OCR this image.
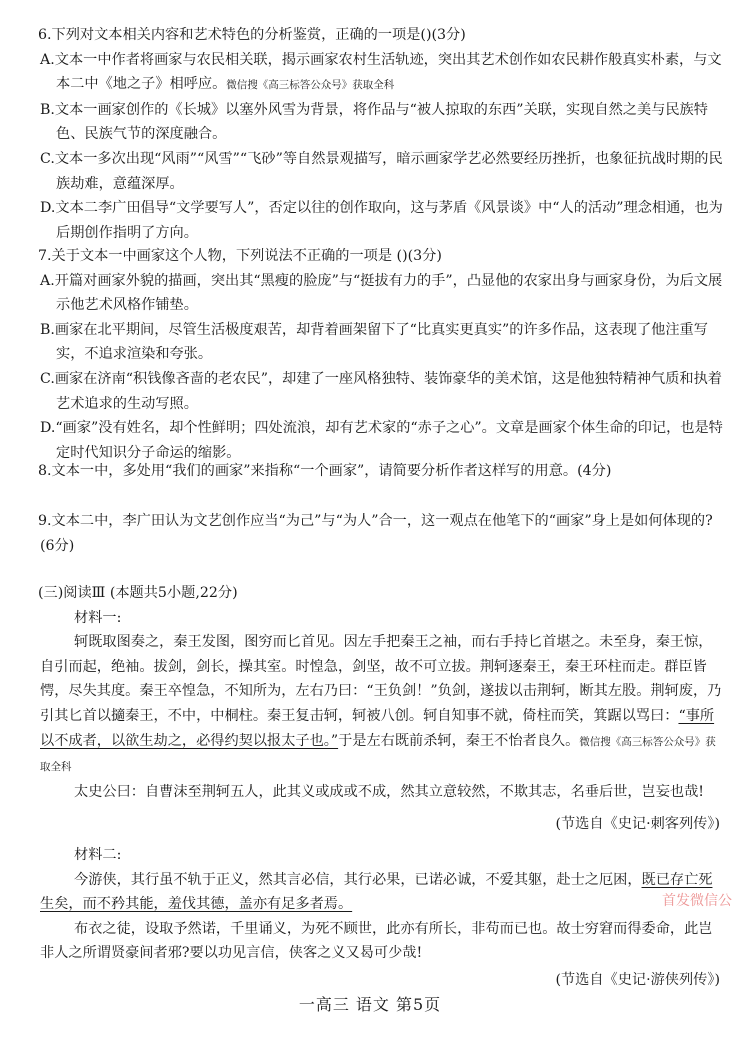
6.下列对文本相关内容和艺术特色的分析鉴赏，正确的一项是()(3分)

A.文本一中作者将画家与农民相关联，揭示画家农村生活轨迹，突出其艺术创作如农民耕作般真实朴素，与文本二中《地之子》相呼应。微信搜《高三标答公众号》获取全科

B.文本一画家创作的《长城》以塞外风雪为背景，将作品与“被人掠取的东西”关联，实现自然之美与民族特色、民族气节的深度融合。

C.文本一多次出现“风雨”“风雪”“飞砂”等自然景观描写，暗示画家学艺必然要经历挫折，也象征抗战时期的民族劫难，意蕴深厚。

D.文本二李广田倡导“文学要写人”，否定以往的创作取向，这与茅盾《风景谈》中“人的活动”理念相通，也为后期创作指明了方向。

7.关于文本一中画家这个人物，下列说法不正确的一项是 ()(3分)

A.开篇对画家外貌的描画，突出其“黑瘦的脸庞”与“挺拔有力的手”，凸显他的农家出身与画家身份，为后文展示他艺术风格作铺垫。

B.画家在北平期间，尽管生活极度艰苦，却背着画架留下了“比真实更真实”的许多作品，这表现了他注重写实，不追求渲染和夸张。

C.画家在济南“积钱像吝啬的老农民”，却建了一座风格独特、装饰豪华的美术馆，这是他独特精神气质和执着艺术追求的生动写照。

D.“画家”没有姓名，却个性鲜明；四处流浪，却有艺术家的“赤子之心”。文章是画家个体生命的印记，也是特定时代知识分子命运的缩影。

8.文本一中，多处用“我们的画家”来指称“一个画家”，请简要分析作者这样写的用意。(4分)

9.文本二中，李广田认为文艺创作应当“为己”与“为人”合一，这一观点在他笔下的“画家”身上是如何体现的?(6分)

(三)阅读Ⅲ (本题共5小题,22分)

材料一:

轲既取图奏之，秦王发图，图穷而匕首见。因左手把秦王之袖，而右手持匕首堪之。未至身，秦王惊，自引而起，绝袖。拔剑，剑长，操其室。时惶急，剑坚，故不可立拔。荆轲逐秦王，秦王环柱而走。群臣皆愕，尽失其度。秦王卒惶急，不知所为，左右乃曰：“王负剑！”负剑，遂拔以击荆轲，断其左股。荆轲废，乃引其匕首以擿秦王，不中，中桐柱。秦王复击轲，轲被八创。轲自知事不就，倚柱而笑，箕踞以骂曰：“事所以不成者，以欲生劫之，必得约契以报太子也。”于是左右既前杀轲，秦王不怡者良久。微信搜《高三标答公众号》获取全科

太史公曰：自曹沫至荆轲五人，此其义或成或不成，然其立意较然，不欺其志，名垂后世，岂妄也哉!

(节选自《史记·刺客列传》)

材料二:

今游侠，其行虽不轨于正义，然其言必信，其行必果，已诺必诚，不爱其躯，赴士之厄困，既已存亡死生矣，而不矜其能，羞伐其德，盖亦有足多者焉。

布衣之徒，设取予然诺，千里诵义，为死不顾世，此亦有所长，非苟而已也。故士穷窘而得委命，此岂非人之所谓贤豪间者邪?要以功见言信，侠客之义又曷可少哉!

(节选自《史记·游侠列传》)

首发微信公
一高三 语文 第5页
